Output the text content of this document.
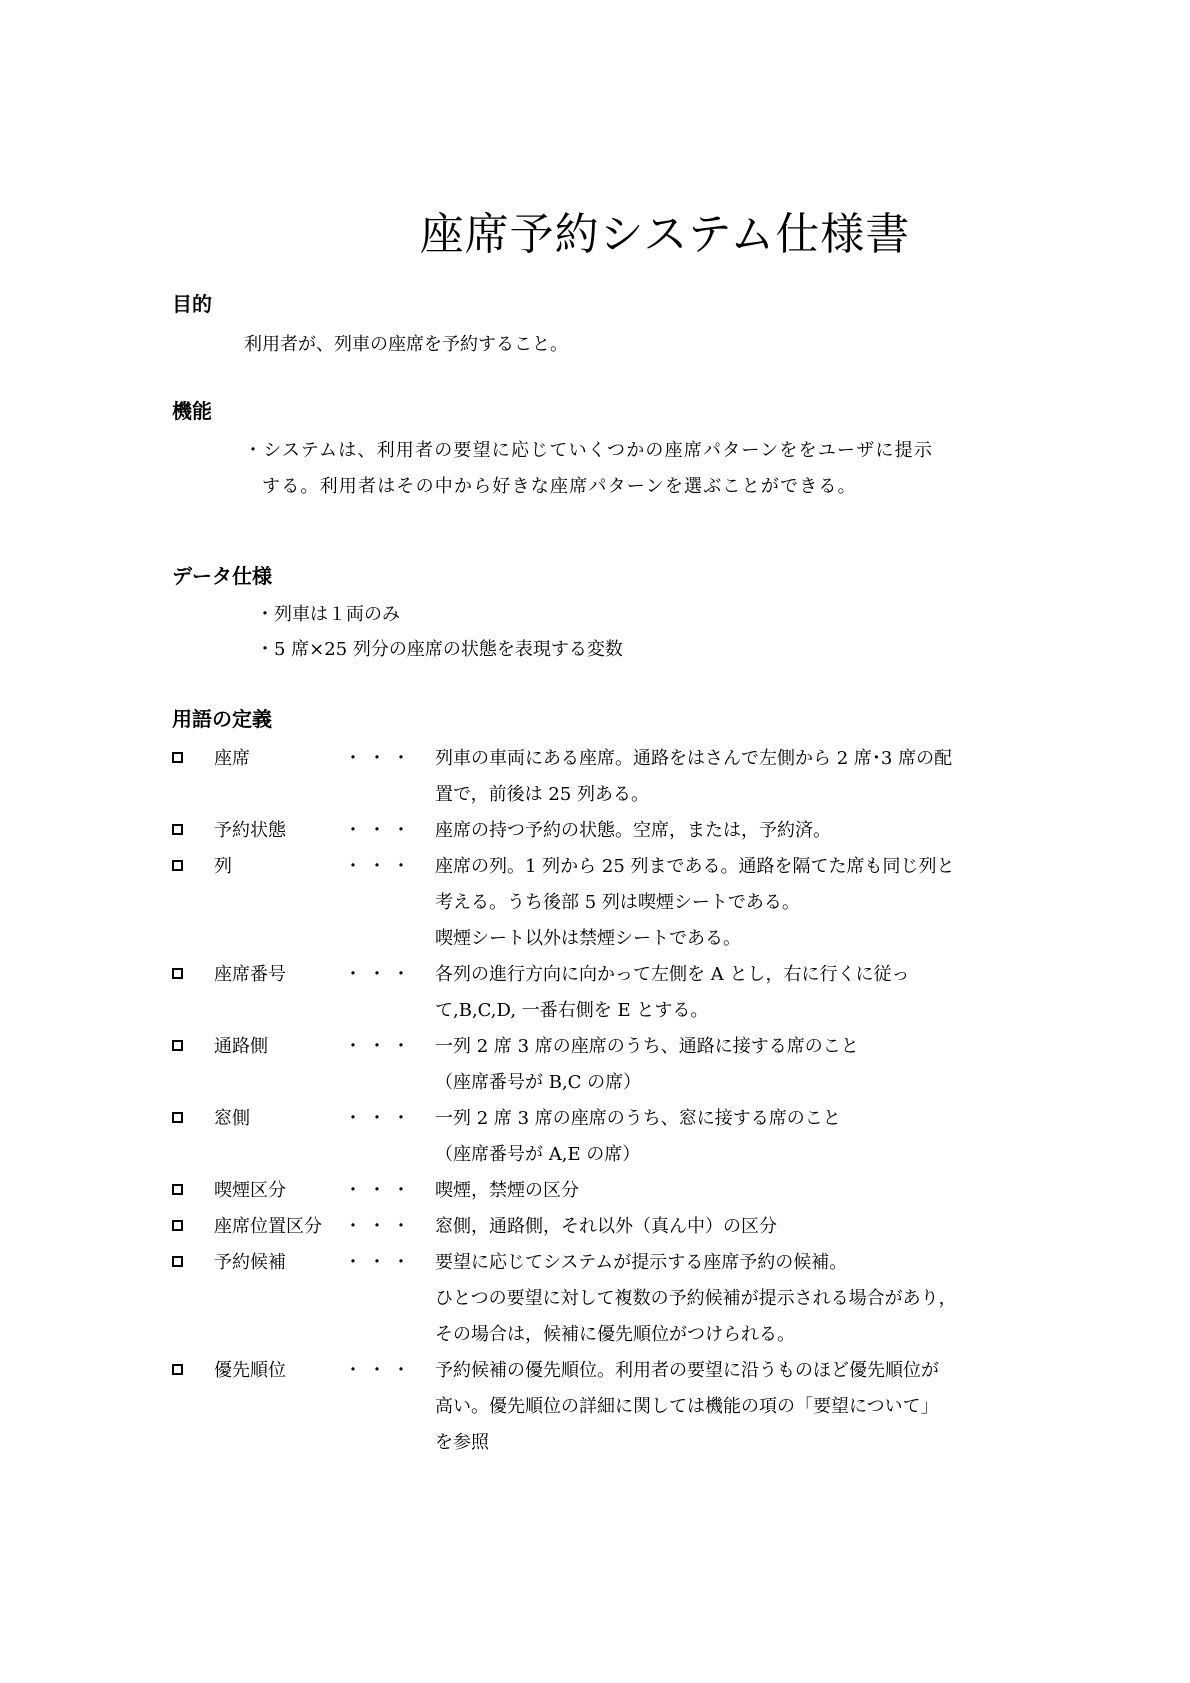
座席予約システム仕様書
目的
利用者が、列車の座席を予約すること。
機能
・システムは、利用者の要望に応じていくつかの座席パターンををユーザに提示
する。利用者はその中から好きな座席パターンを選ぶことができる。
データ仕様
・列車は１両のみ
・5 席×25 列分の座席の状態を表現する変数
用語の定義
座席	・・・ 列車の車両にある座席。通路をはさんで左側から 2 席･3 席の配
置で，前後は 25 列ある。
予約状態	・・・ 座席の持つ予約の状態。空席，または，予約済。
列	・・・ 座席の列。1 列から 25 列まである。通路を隔てた席も同じ列と
考える。うち後部 5 列は喫煙シートである。
喫煙シート以外は禁煙シートである。
座席番号	・・・ 各列の進行方向に向かって左側を A とし，右に行くに従っ
て,B,C,D, 一番右側を E とする。
通路側	・・・ 一列 2 席 3 席の座席のうち、通路に接する席のこと
（座席番号が B,C の席）
窓側	・・・ 一列 2 席 3 席の座席のうち、窓に接する席のこと
（座席番号が A,E の席）
喫煙区分	・・・ 喫煙，禁煙の区分
座席位置区分 ・・・ 窓側，通路側，それ以外（真ん中）の区分
予約候補	・・・ 要望に応じてシステムが提示する座席予約の候補。
ひとつの要望に対して複数の予約候補が提示される場合があり，
その場合は，候補に優先順位がつけられる。
優先順位	・・・ 予約候補の優先順位。利用者の要望に沿うものほど優先順位が
高い。優先順位の詳細に関しては機能の項の「要望について」
を参照
